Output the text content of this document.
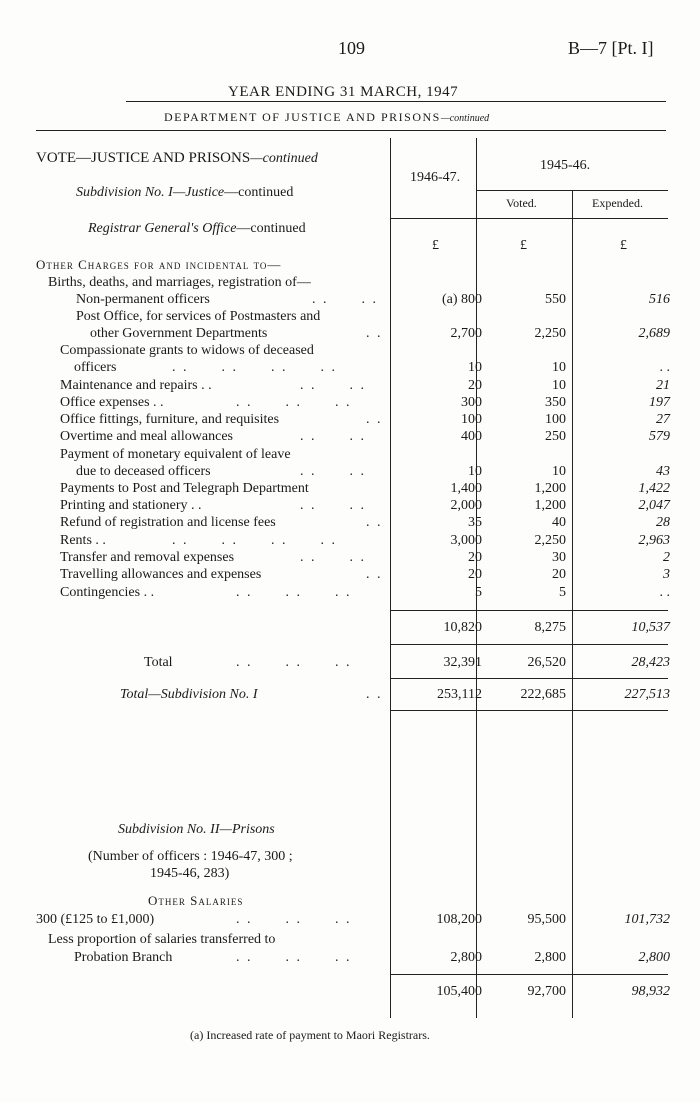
109	B—7 [Pt. I]
YEAR ENDING 31 MARCH, 1947
DEPARTMENT OF JUSTICE AND PRISONS—continued
VOTE—JUSTICE AND PRISONS—continued
Subdivision No. I—Justice—continued
Registrar General's Office—continued
Other Charges for and incidental to—
1946-47.
1945-46.
Voted.	Expended.
£	£	£
Births, deaths, and marriages, registration of—
Non-permanent officers	. .      . .	(a) 800	550	516
Post Office, for services of Postmasters and
other Government Departments	. .	2,700	2,250	2,689
Compassionate grants to widows of deceased
officers	. .      . .      . .      . .	10	10	. .
Maintenance and repairs . .	. .      . .	20	10	21
Office expenses . .	. .      . .      . .	300	350	197
Office fittings, furniture, and requisites	. .	100	100	27
Overtime and meal allowances	. .      . .	400	250	579
Payment of monetary equivalent of leave
due to deceased officers	. .      . .	10	10	43
Payments to Post and Telegraph Department	1,400	1,200	1,422
Printing and stationery . .	. .      . .	2,000	1,200	2,047
Refund of registration and license fees	. .	35	40	28
Rents . .	. .      . .      . .      . .	3,000	2,250	2,963
Transfer and removal expenses	. .      . .	20	30	2
Travelling allowances and expenses	. .	20	20	3
Contingencies . .	. .      . .      . .	5	5	. .
10,820	8,275	10,537
Total	. .      . .      . .	32,391	26,520	28,423
Total—Subdivision No. I	. .	253,112	222,685	227,513
Subdivision No. II—Prisons
(Number of officers : 1946-47, 300 ;
1945-46, 283)
Other Salaries
300 (£125 to £1,000)	. .      . .      . .	108,200	95,500	101,732
Less proportion of salaries transferred to
Probation Branch	. .      . .      . .	2,800	2,800	2,800
105,400	92,700	98,932
(a) Increased rate of payment to Maori Registrars.
